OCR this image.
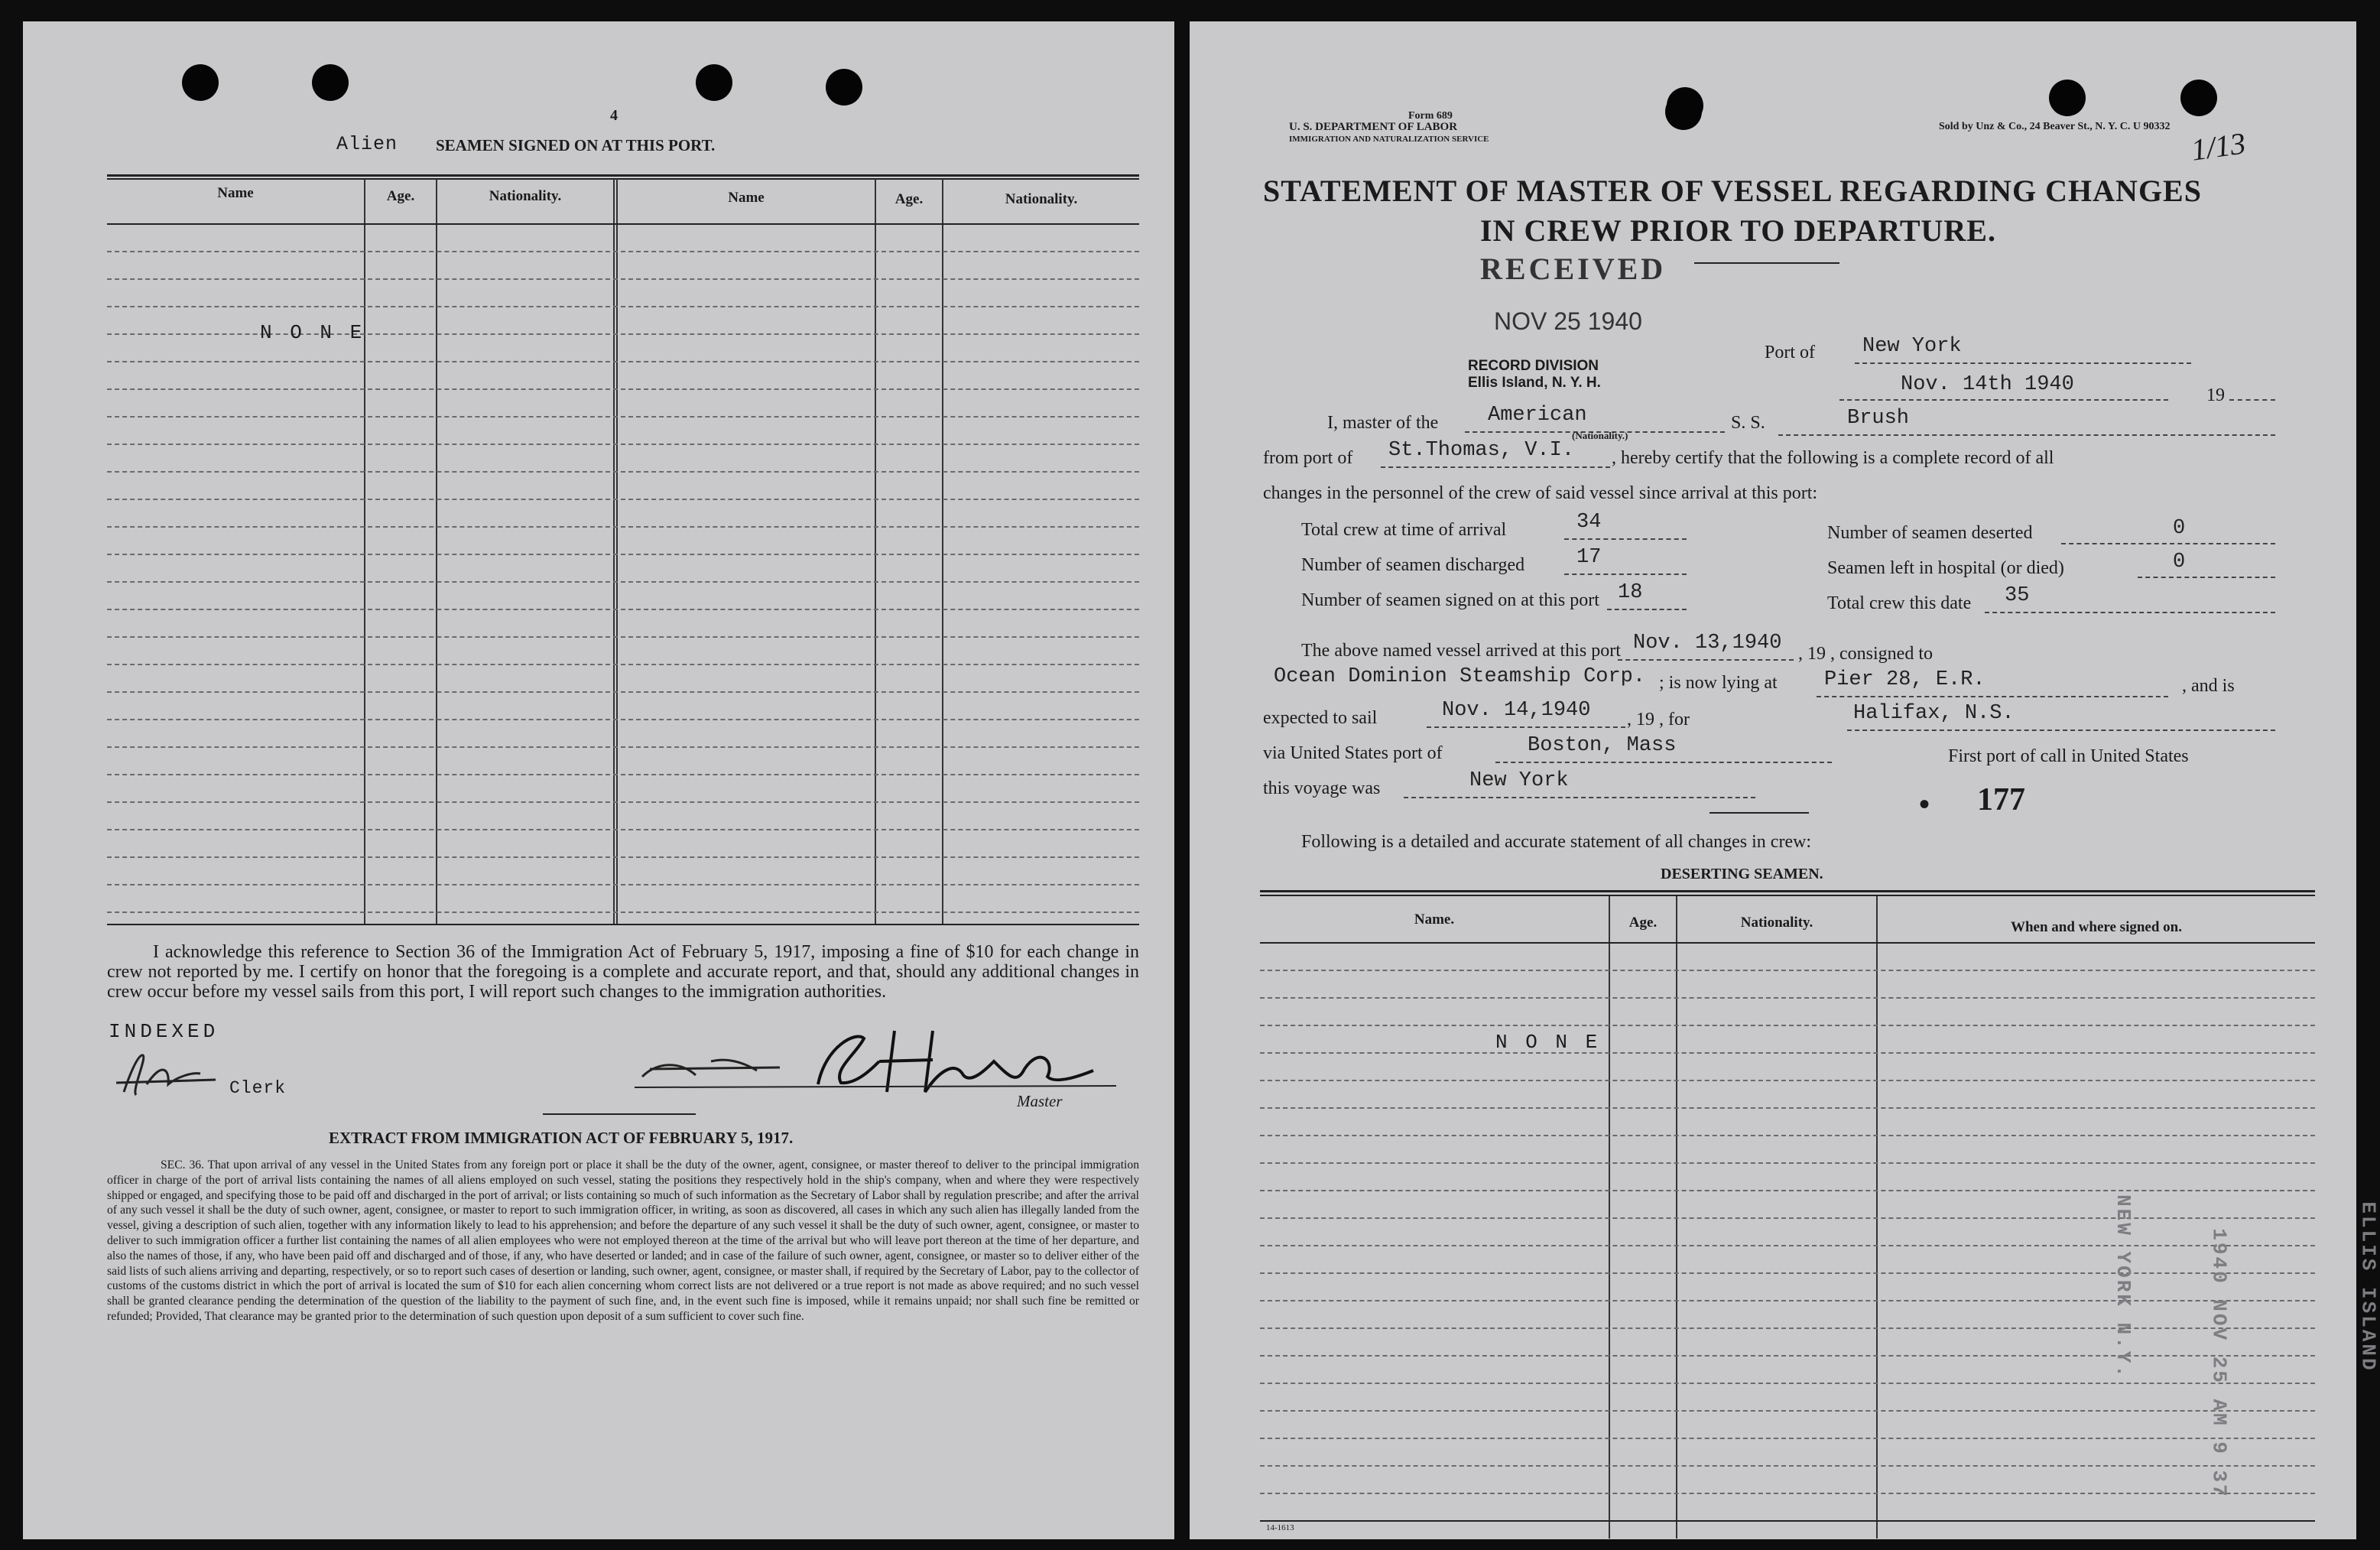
4
Alien SEAMEN SIGNED ON AT THIS PORT.
Name	Age.	Nationality.	Name	Age.	Nationality.
N O N E
I acknowledge this reference to Section 36 of the Immigration Act of February 5, 1917, imposing a fine of $10 for each change in crew not reported by me. I certify on honor that the foregoing is a complete and accurate report, and that, should any additional changes in crew occur before my vessel sails from this port, I will report such changes to the immigration authorities.
INDEXED
Clerk
Master
EXTRACT FROM IMMIGRATION ACT OF FEBRUARY 5, 1917.
SEC. 36. That upon arrival of any vessel in the United States from any foreign port or place it shall be the duty of the owner, agent, consignee, or master thereof to deliver to the principal immigration officer in charge of the port of arrival lists containing the names of all aliens employed on such vessel, stating the positions they respectively hold in the ship's company, when and where they were respectively shipped or engaged, and specifying those to be paid off and discharged in the port of arrival; or lists containing so much of such information as the Secretary of Labor shall by regulation prescribe; and after the arrival of any such vessel it shall be the duty of such owner, agent, consignee, or master to report to such immigration officer, in writing, as soon as discovered, all cases in which any such alien has illegally landed from the vessel, giving a description of such alien, together with any information likely to lead to his apprehension; and before the departure of any such vessel it shall be the duty of such owner, agent, consignee, or master to deliver to such immigration officer a further list containing the names of all alien employees who were not employed thereon at the time of the arrival but who will leave port thereon at the time of her departure, and also the names of those, if any, who have been paid off and discharged and of those, if any, who have deserted or landed; and in case of the failure of such owner, agent, consignee, or master so to deliver either of the said lists of such aliens arriving and departing, respectively, or so to report such cases of desertion or landing, such owner, agent, consignee, or master shall, if required by the Secretary of Labor, pay to the collector of customs of the customs district in which the port of arrival is located the sum of $10 for each alien concerning whom correct lists are not delivered or a true report is not made as above required; and no such vessel shall be granted clearance pending the determination of the question of the liability to the payment of such fine, and, in the event such fine is imposed, while it remains unpaid; nor shall such fine be remitted or refunded; Provided, That clearance may be granted prior to the determination of such question upon deposit of a sum sufficient to cover such fine.
Form 689
U. S. DEPARTMENT OF LABOR
IMMIGRATION AND NATURALIZATION SERVICE
Sold by Unz & Co., 24 Beaver St., N. Y. C. U 90332 1/13
STATEMENT OF MASTER OF VESSEL REGARDING CHANGES
IN CREW PRIOR TO DEPARTURE.
RECEIVED
NOV 25 1940
RECORD DIVISION
Ellis Island, N. Y. H.
Port of New York
Nov. 14th 1940	19
I, master of the American
(Nationality.)
S. S.	Brush
from port of St.Thomas, V.I. , hereby certify that the following is a complete record of all
changes in the personnel of the crew of said vessel since arrival at this port:
Total crew at time of arrival	34
Number of seamen discharged	17
Number of seamen signed on at this port 18
Number of seamen deserted	0
Seamen left in hospital (or died)	0
Total crew this date 35
The above named vessel arrived at this port Nov. 13,1940 , 19 , consigned to
Ocean Dominion Steamship Corp. ; is now lying at Pier 28, E.R.	, and is
expected to sail	Nov. 14,1940 , 19 , for	Halifax, N.S.
via United States port of	Boston, Mass	First port of call in United States
this voyage was	New York
• 177
Following is a detailed and accurate statement of all changes in crew:
DESERTING SEAMEN.
Name.	Age.	Nationality.	When and where signed on.
N O N E
1940 NOV 25 AM 9 37	ELLIS ISLAND
NEW YORK N.Y.
14-1613
